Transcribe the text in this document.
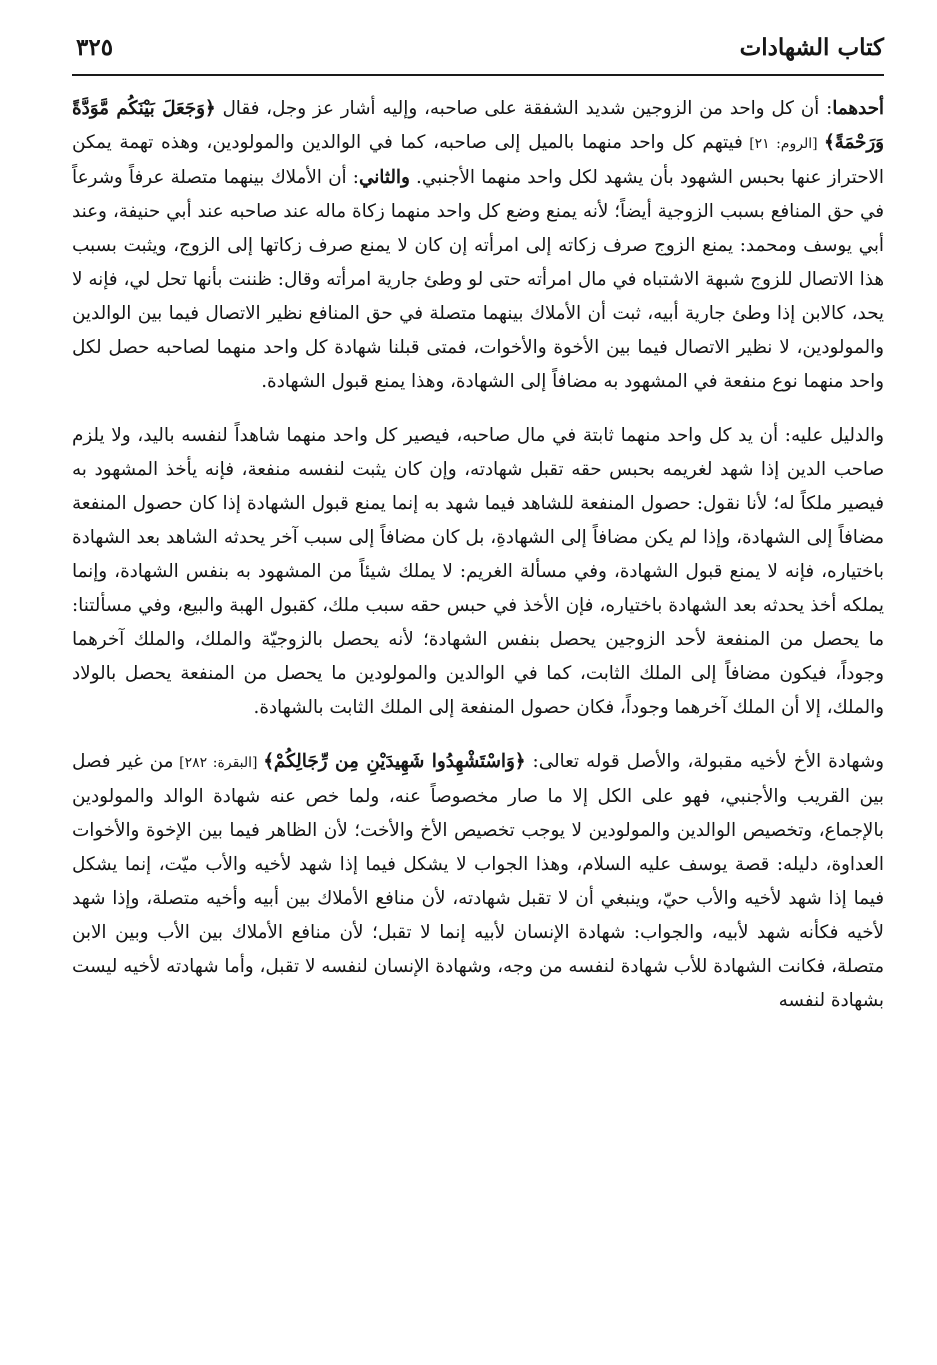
كتاب الشهادات
٣٢٥

أحدهما: أن كل واحد من الزوجين شديد الشفقة على صاحبه، وإليه أشار عز وجل، فقال ﴿وَجَعَلَ بَيْنَكُم مَّوَدَّةً وَرَحْمَةً﴾ [الروم: ٢١] فيتهم كل واحد منهما بالميل إلى صاحبه، كما في الوالدين والمولودين، وهذه تهمة يمكن الاحتراز عنها بحبس الشهود بأن يشهد لكل واحد منهما الأجنبي. والثاني: أن الأملاك بينهما متصلة عرفاً وشرعاً في حق المنافع بسبب الزوجية أيضاً؛ لأنه يمنع وضع كل واحد منهما زكاة ماله عند صاحبه عند أبي حنيفة، وعند أبي يوسف ومحمد: يمنع الزوج صرف زكاته إلى امرأته إن كان لا يمنع صرف زكاتها إلى الزوج، ويثبت بسبب هذا الاتصال للزوج شبهة الاشتباه في مال امرأته حتى لو وطئ جارية امرأته وقال: ظننت بأنها تحل لي، فإنه لا يحد، كالابن إذا وطئ جارية أبيه، ثبت أن الأملاك بينهما متصلة في حق المنافع نظير الاتصال فيما بين الوالدين والمولودين، لا نظير الاتصال فيما بين الأخوة والأخوات، فمتى قبلنا شهادة كل واحد منهما لصاحبه حصل لكل واحد منهما نوع منفعة في المشهود به مضافاً إلى الشهادة، وهذا يمنع قبول الشهادة.

والدليل عليه: أن يد كل واحد منهما ثابتة في مال صاحبه، فيصير كل واحد منهما شاهداً لنفسه باليد، ولا يلزم صاحب الدين إذا شهد لغريمه بحبس حقه تقبل شهادته، وإن كان يثبت لنفسه منفعة، فإنه يأخذ المشهود به فيصير ملكاً له؛ لأنا نقول: حصول المنفعة للشاهد فيما شهد به إنما يمنع قبول الشهادة إذا كان حصول المنفعة مضافاً إلى الشهادة، وإذا لم يكن مضافاً إلى الشهادةِ، بل كان مضافاً إلى سبب آخر يحدثه الشاهد بعد الشهادة باختياره، فإنه لا يمنع قبول الشهادة، وفي مسألة الغريم: لا يملك شيئاً من المشهود به بنفس الشهادة، وإنما يملكه أخذ يحدثه بعد الشهادة باختياره، فإن الأخذ في حبس حقه سبب ملك، كقبول الهبة والبيع، وفي مسألتنا: ما يحصل من المنفعة لأحد الزوجين يحصل بنفس الشهادة؛ لأنه يحصل بالزوجيّة والملك، والملك آخرهما وجوداً، فيكون مضافاً إلى الملك الثابت، كما في الوالدين والمولودين ما يحصل من المنفعة يحصل بالولاد والملك، إلا أن الملك آخرهما وجوداً، فكان حصول المنفعة إلى الملك الثابت بالشهادة.

وشهادة الأخ لأخيه مقبولة، والأصل قوله تعالى: ﴿وَاسْتَشْهِدُوا شَهِيدَيْنِ مِن رِّجَالِكُمْ﴾ [البقرة: ٢٨٢] من غير فصل بين القريب والأجنبي، فهو على الكل إلا ما صار مخصوصاً عنه، ولما خص عنه شهادة الوالد والمولودين بالإجماع، وتخصيص الوالدين والمولودين لا يوجب تخصيص الأخ والأخت؛ لأن الظاهر فيما بين الإخوة والأخوات العداوة، دليله: قصة يوسف عليه السلام، وهذا الجواب لا يشكل فيما إذا شهد لأخيه والأب ميّت، إنما يشكل فيما إذا شهد لأخيه والأب حيّ، وينبغي أن لا تقبل شهادته، لأن منافع الأملاك بين أبيه وأخيه متصلة، وإذا شهد لأخيه فكأنه شهد لأبيه، والجواب: شهادة الإنسان لأبيه إنما لا تقبل؛ لأن منافع الأملاك بين الأب وبين الابن متصلة، فكانت الشهادة للأب شهادة لنفسه من وجه، وشهادة الإنسان لنفسه لا تقبل، وأما شهادته لأخيه ليست بشهادة لنفسه
